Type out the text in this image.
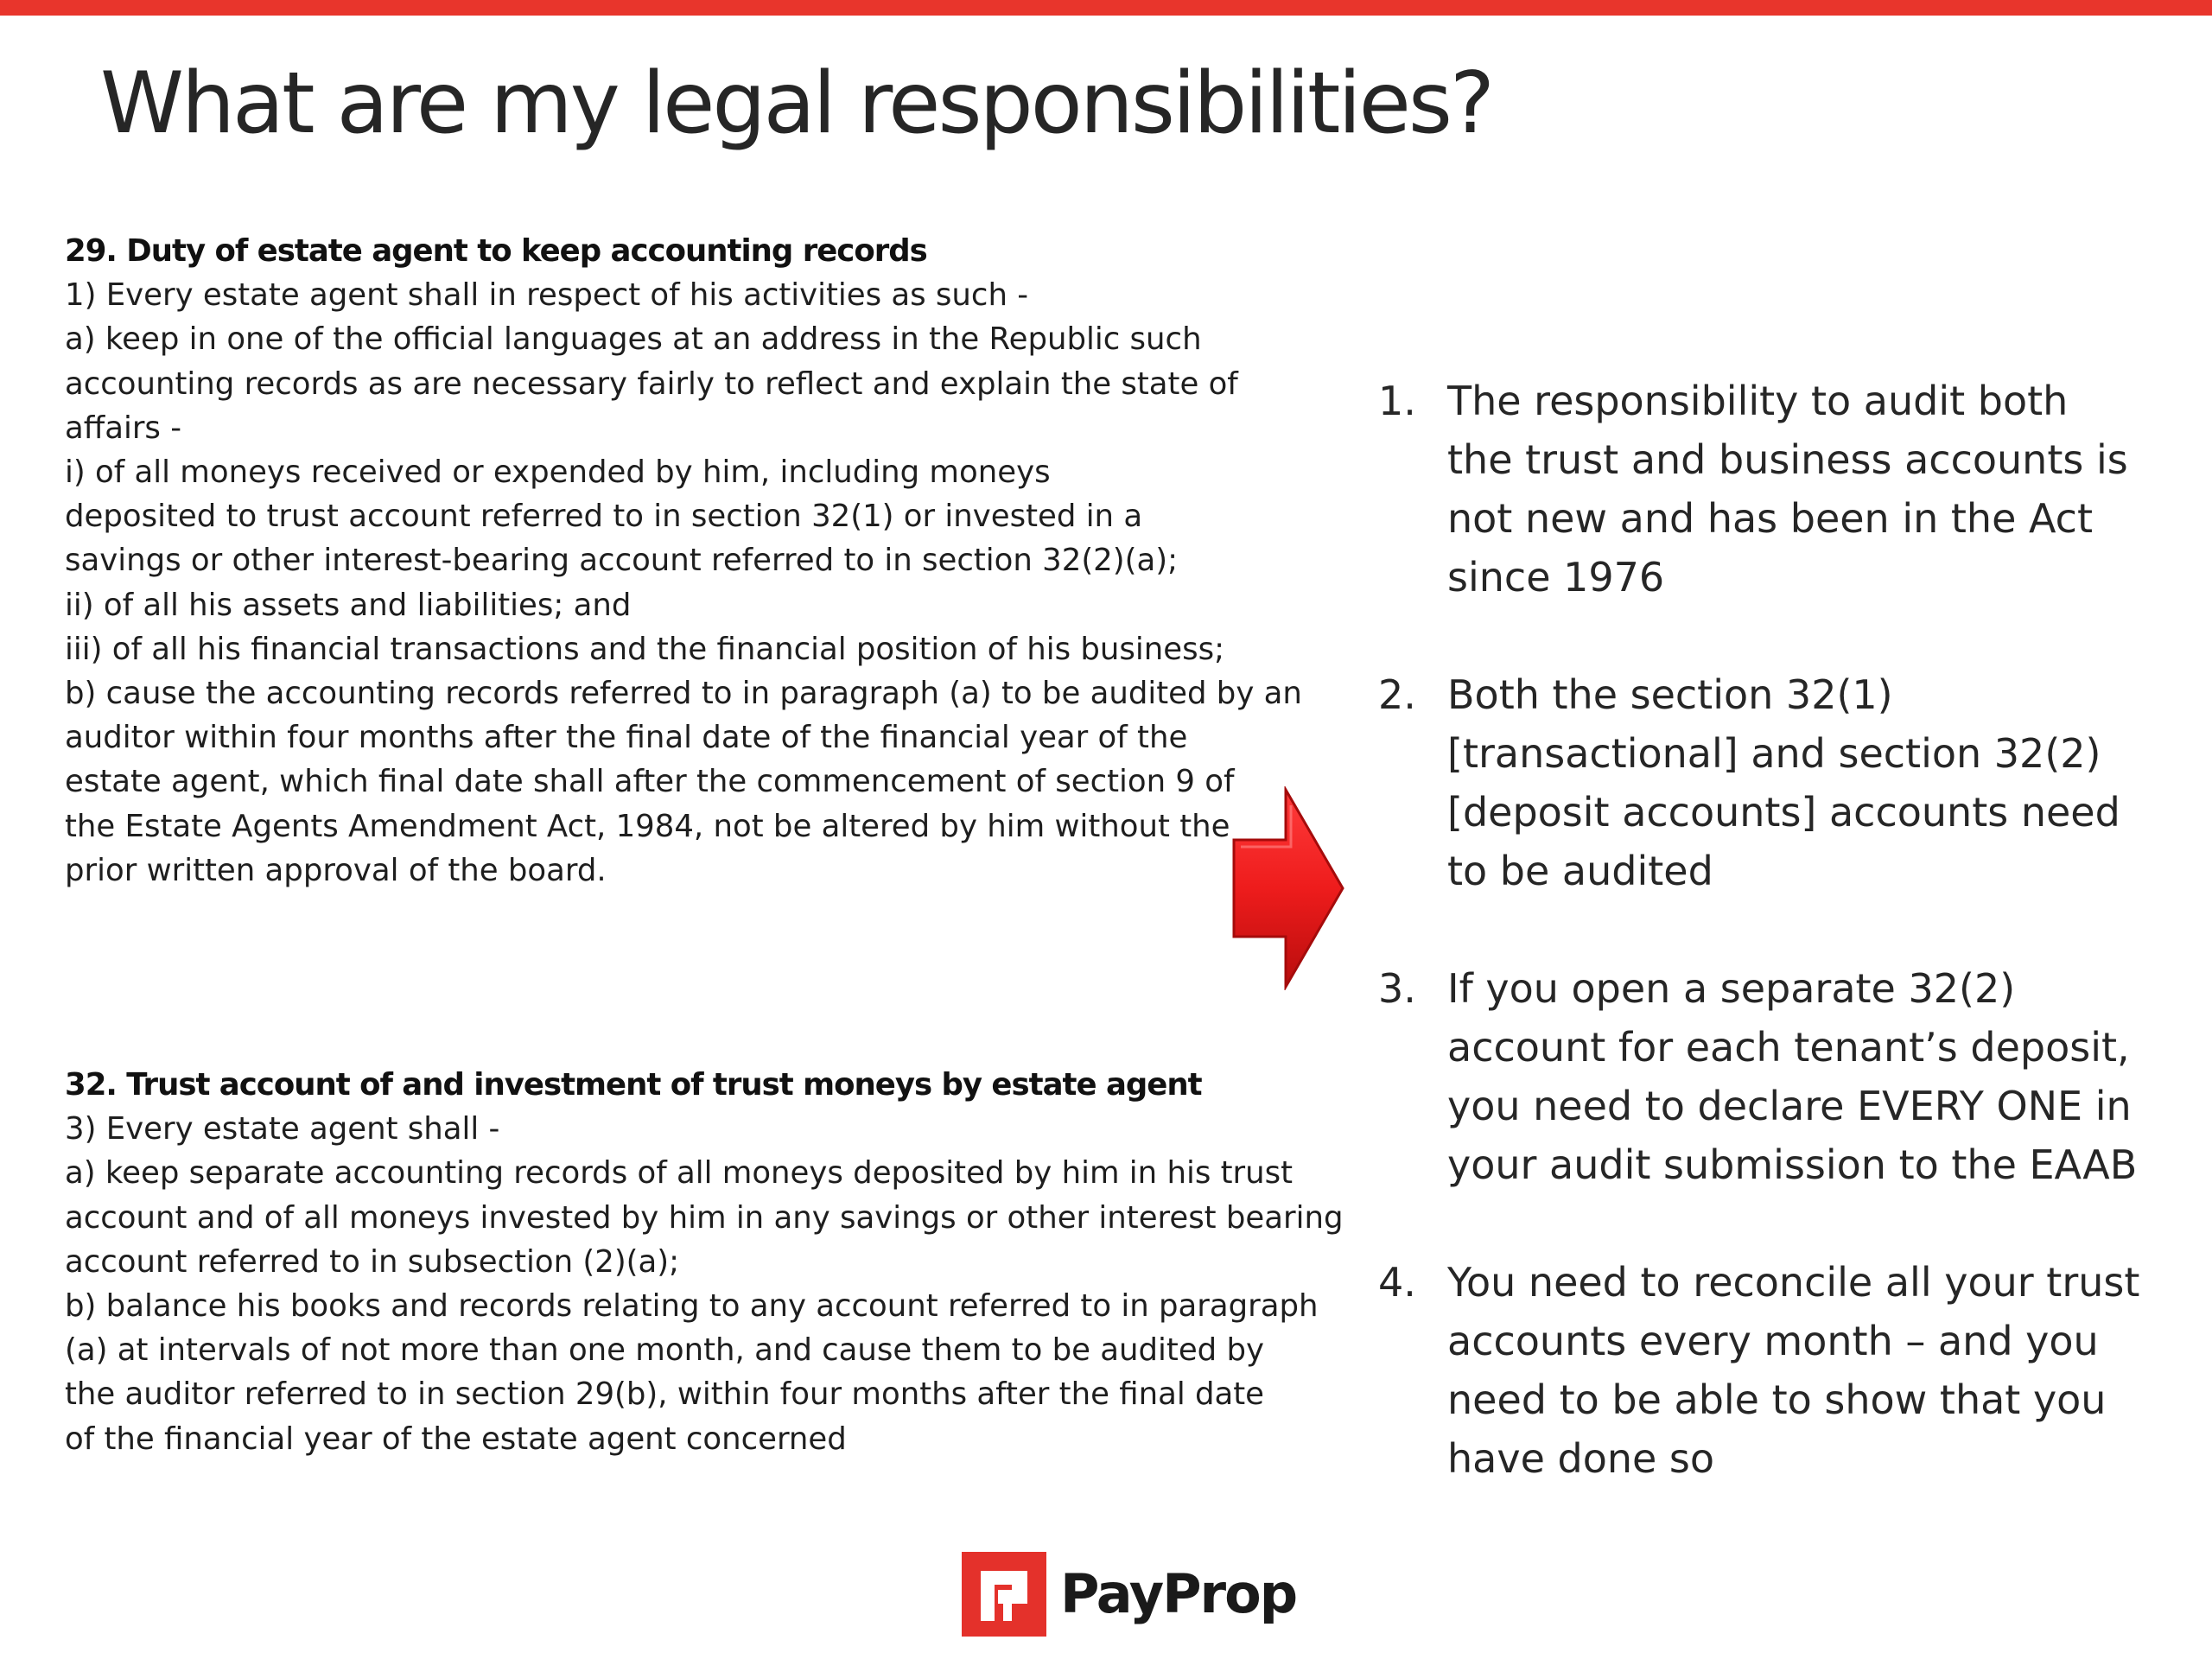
What are my legal responsibilities?
29. Duty of estate agent to keep accounting records
1) Every estate agent shall in respect of his activities as such -
a) keep in one of the official languages at an address in the Republic such
accounting records as are necessary fairly to reflect and explain the state of
affairs -
i) of all moneys received or expended by him, including moneys
deposited to trust account referred to in section 32(1) or invested in a
savings or other interest-bearing account referred to in section 32(2)(a);
ii) of all his assets and liabilities; and
iii) of all his financial transactions and the financial position of his business;
b) cause the accounting records referred to in paragraph (a) to be audited by an
auditor within four months after the final date of the financial year of the
estate agent, which final date shall after the commencement of section 9 of
the Estate Agents Amendment Act, 1984, not be altered by him without the
prior written approval of the board.
32. Trust account of and investment of trust moneys by estate agent
3) Every estate agent shall -
a) keep separate accounting records of all moneys deposited by him in his trust
account and of all moneys invested by him in any savings or other interest bearing
account referred to in subsection (2)(a);
b) balance his books and records relating to any account referred to in paragraph
(a) at intervals of not more than one month, and cause them to be audited by
the auditor referred to in section 29(b), within four months after the final date
of the financial year of the estate agent concerned
1. The responsibility to audit both
the trust and business accounts is
not new and has been in the Act
since 1976
2. Both the section 32(1)
[transactional] and section 32(2)
[deposit accounts] accounts need
to be audited
3. If you open a separate 32(2)
account for each tenant’s deposit,
you need to declare EVERY ONE in
your audit submission to the EAAB
4. You need to reconcile all your trust
accounts every month – and you
need to be able to show that you
have done so
PayProp
